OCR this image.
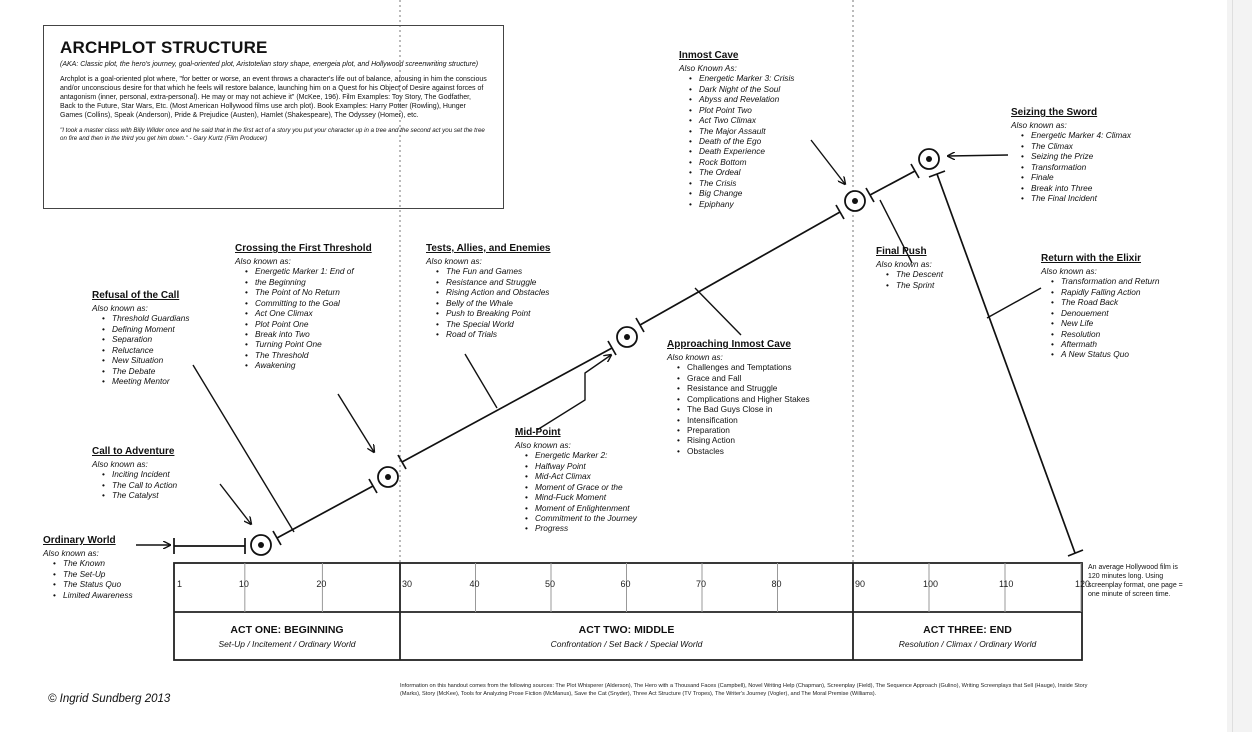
ARCHPLOT STRUCTURE
(AKA: Classic plot, the hero's journey, goal-oriented plot, Aristotelian story shape, energeia plot, and Hollywood screenwriting structure)
Archplot is a goal-oriented plot where, "for better or worse, an event throws a character's life out of balance, arousing in him the conscious and/or unconscious desire for that which he feels will restore balance, launching him on a Quest for his Object of Desire against forces of antagonism (inner, personal, extra-personal). He may or may not achieve it" (McKee, 196). Film Examples: Toy Story, The Godfather, Back to the Future, Star Wars, Etc. (Most American Hollywood films use arch plot). Book Examples: Harry Potter (Rowling), Hunger Games (Collins), Speak (Anderson), Pride & Prejudice (Austen), Hamlet (Shakespeare), The Odyssey (Homer), etc.
"I took a master class with Billy Wilder once and he said that in the first act of a story you put your character up in a tree and the second act you set the tree on fire and then in the third you get him down." - Gary Kurtz (Film Producer)
Ordinary World
Also known as:
• The Known
• The Set-Up
• The Status Quo
• Limited Awareness
Call to Adventure
Also known as:
• Inciting Incident
• The Call to Action
• The Catalyst
Refusal of the Call
Also known as:
• Threshold Guardians
• Defining Moment
• Separation
• Reluctance
• New Situation
• The Debate
• Meeting Mentor
Crossing the First Threshold
Also known as:
• Energetic Marker 1: End of
• the Beginning
• The Point of No Return
• Committing to the Goal
• Act One Climax
• Plot Point One
• Break into Two
• Turning Point One
• The Threshold
• Awakening
Tests, Allies, and Enemies
Also known as:
• The Fun and Games
• Resistance and Struggle
• Rising Action and Obstacles
• Belly of the Whale
• Push to Breaking Point
• The Special World
• Road of Trials
Mid-Point
Also known as:
• Energetic Marker 2:
• Halfway Point
• Mid-Act Climax
• Moment of Grace or the
• Mind-Fuck Moment
• Moment of Enlightenment
• Commitment to the Journey
• Progress
Approaching Inmost Cave
Also known as:
• Challenges and Temptations
• Grace and Fall
• Resistance and Struggle
• Complications and Higher Stakes
• The Bad Guys Close in
• Intensification
• Preparation
• Rising Action
• Obstacles
Inmost Cave
Also Known As:
• Energetic Marker 3: Crisis
• Dark Night of the Soul
• Abyss and Revelation
• Plot Point Two
• Act Two Climax
• The Major Assault
• Death of the Ego
• Death Experience
• Rock Bottom
• The Ordeal
• The Crisis
• Big Change
• Epiphany
Final Push
Also known as:
• The Descent
• The Sprint
Seizing the Sword
Also known as:
• Energetic Marker 4: Climax
• The Climax
• Seizing the Prize
• Transformation
• Finale
• Break into Three
• The Final Incident
Return with the Elixir
Also known as:
• Transformation and Return
• Rapidly Falling Action
• The Road Back
• Denouement
• New Life
• Resolution
• Aftermath
• A New Status Quo
1	10	20	30	40	50	60	70	80	90	100	110	120
ACT ONE: BEGINNING
Set-Up / Incitement / Ordinary World
ACT TWO: MIDDLE
Confrontation / Set Back / Special World
ACT THREE: END
Resolution / Climax / Ordinary World
An average Hollywood film is 120 minutes long. Using screenplay format, one page = one minute of screen time.
Information on this handout comes from the following sources: The Plot Whisperer (Alderson), The Hero with a Thousand Faces (Campbell), Novel Writing Help (Chapman), Screenplay (Field), The Sequence Approach (Gulino), Writing Screenplays that Sell (Hauge), Inside Story (Marks), Story (McKee), Tools for Analyzing Prose Fiction (McManus), Save the Cat (Snyder), Three Act Structure (TV Tropes), The Writer's Journey (Vogler), and The Moral Premise (Williams).
© Ingrid Sundberg 2013
